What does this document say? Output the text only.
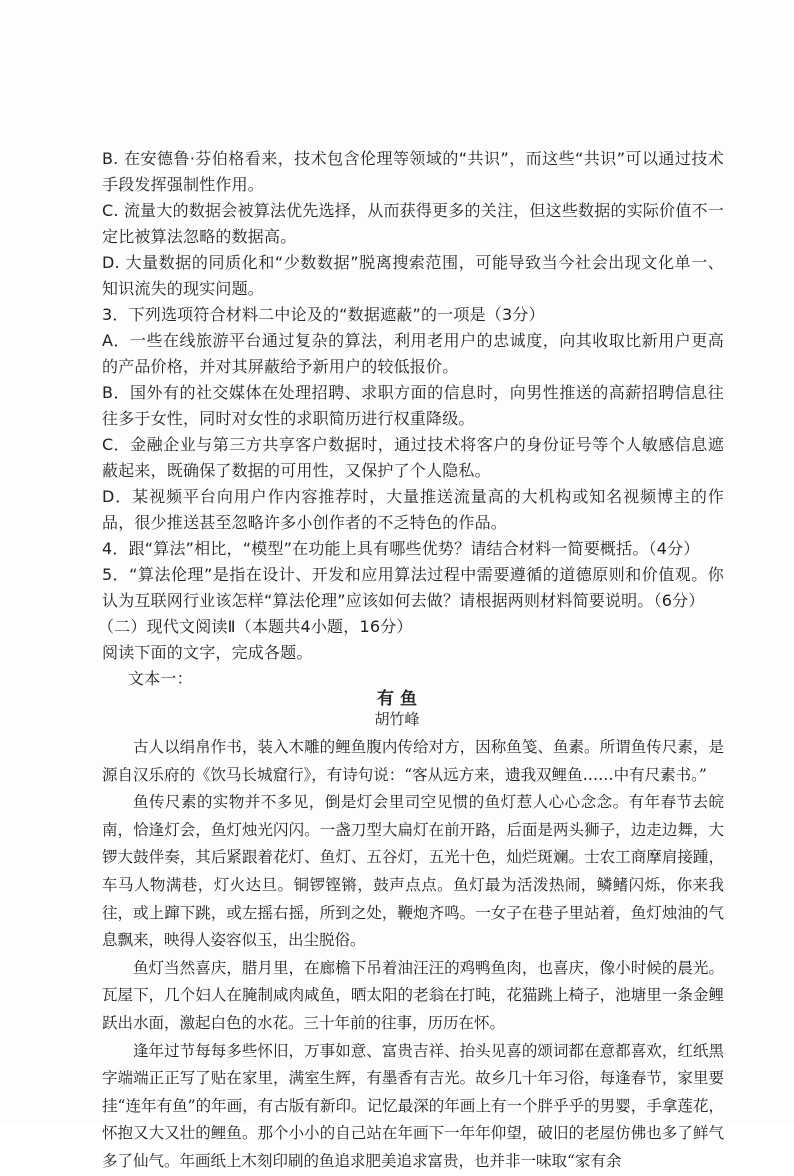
B. 在安德鲁·芬伯格看来，技术包含伦理等领域的“共识”，而这些“共识”可以通过技术手段发挥强制性作用。

C. 流量大的数据会被算法优先选择，从而获得更多的关注，但这些数据的实际价值不一定比被算法忽略的数据高。

D. 大量数据的同质化和“少数数据”脱离搜索范围，可能导致当今社会出现文化单一、知识流失的现实问题。

3．下列选项符合材料二中论及的“数据遮蔽”的一项是（3分）

A．一些在线旅游平台通过复杂的算法，利用老用户的忠诚度，向其收取比新用户更高的产品价格，并对其屏蔽给予新用户的较低报价。

B．国外有的社交媒体在处理招聘、求职方面的信息时，向男性推送的高薪招聘信息往往多于女性，同时对女性的求职简历进行权重降级。

C．金融企业与第三方共享客户数据时，通过技术将客户的身份证号等个人敏感信息遮蔽起来，既确保了数据的可用性，又保护了个人隐私。

D．某视频平台向用户作内容推荐时，大量推送流量高的大机构或知名视频博主的作品，很少推送甚至忽略许多小创作者的不乏特色的作品。

4．跟“算法”相比，“模型”在功能上具有哪些优势？请结合材料一简要概括。（4分）

5．“算法伦理”是指在设计、开发和应用算法过程中需要遵循的道德原则和价值观。你认为互联网行业该怎样“算法伦理”应该如何去做？请根据两则材料简要说明。（6分）

（二）现代文阅读Ⅱ（本题共4小题，16分）

阅读下面的文字，完成各题。

文本一：

有 鱼
胡竹峰

古人以绢帛作书，装入木雕的鲤鱼腹内传给对方，因称鱼笺、鱼素。所谓鱼传尺素，是源自汉乐府的《饮马长城窟行》，有诗句说：“客从远方来，遗我双鲤鱼……中有尺素书。”

鱼传尺素的实物并不多见，倒是灯会里司空见惯的鱼灯惹人心心念念。有年春节去皖南，恰逢灯会，鱼灯烛光闪闪。一盏刀型大扁灯在前开路，后面是两头狮子，边走边舞，大锣大鼓伴奏，其后紧跟着花灯、鱼灯、五谷灯，五光十色，灿烂斑斓。士农工商摩肩接踵，车马人物满巷，灯火达旦。铜锣铿锵，鼓声点点。鱼灯最为活泼热闹，鳞鳍闪烁，你来我往，或上蹿下跳，或左摇右摇，所到之处，鞭炮齐鸣。一女子在巷子里站着，鱼灯烛油的气息飘来，映得人姿容似玉，出尘脱俗。

鱼灯当然喜庆，腊月里，在廊檐下吊着油汪汪的鸡鸭鱼肉，也喜庆，像小时候的晨光。瓦屋下，几个妇人在腌制咸肉咸鱼，晒太阳的老翁在打盹，花猫跳上椅子，池塘里一条金鲤跃出水面，激起白色的水花。三十年前的往事，历历在怀。

逢年过节每每多些怀旧，万事如意、富贵吉祥、抬头见喜的颂词都在意都喜欢，红纸黑字端端正正写了贴在家里，满室生辉，有墨香有吉光。故乡几十年习俗，每逢春节，家里要挂“连年有鱼”的年画，有古版有新印。记忆最深的年画上有一个胖乎乎的男婴，手拿莲花，怀抱又大又壮的鲤鱼。那个小小的自己站在年画下一年年仰望，破旧的老屋仿佛也多了鲜气多了仙气。年画纸上木刻印刷的鱼追求肥美追求富贵，也并非一味取“家有余
